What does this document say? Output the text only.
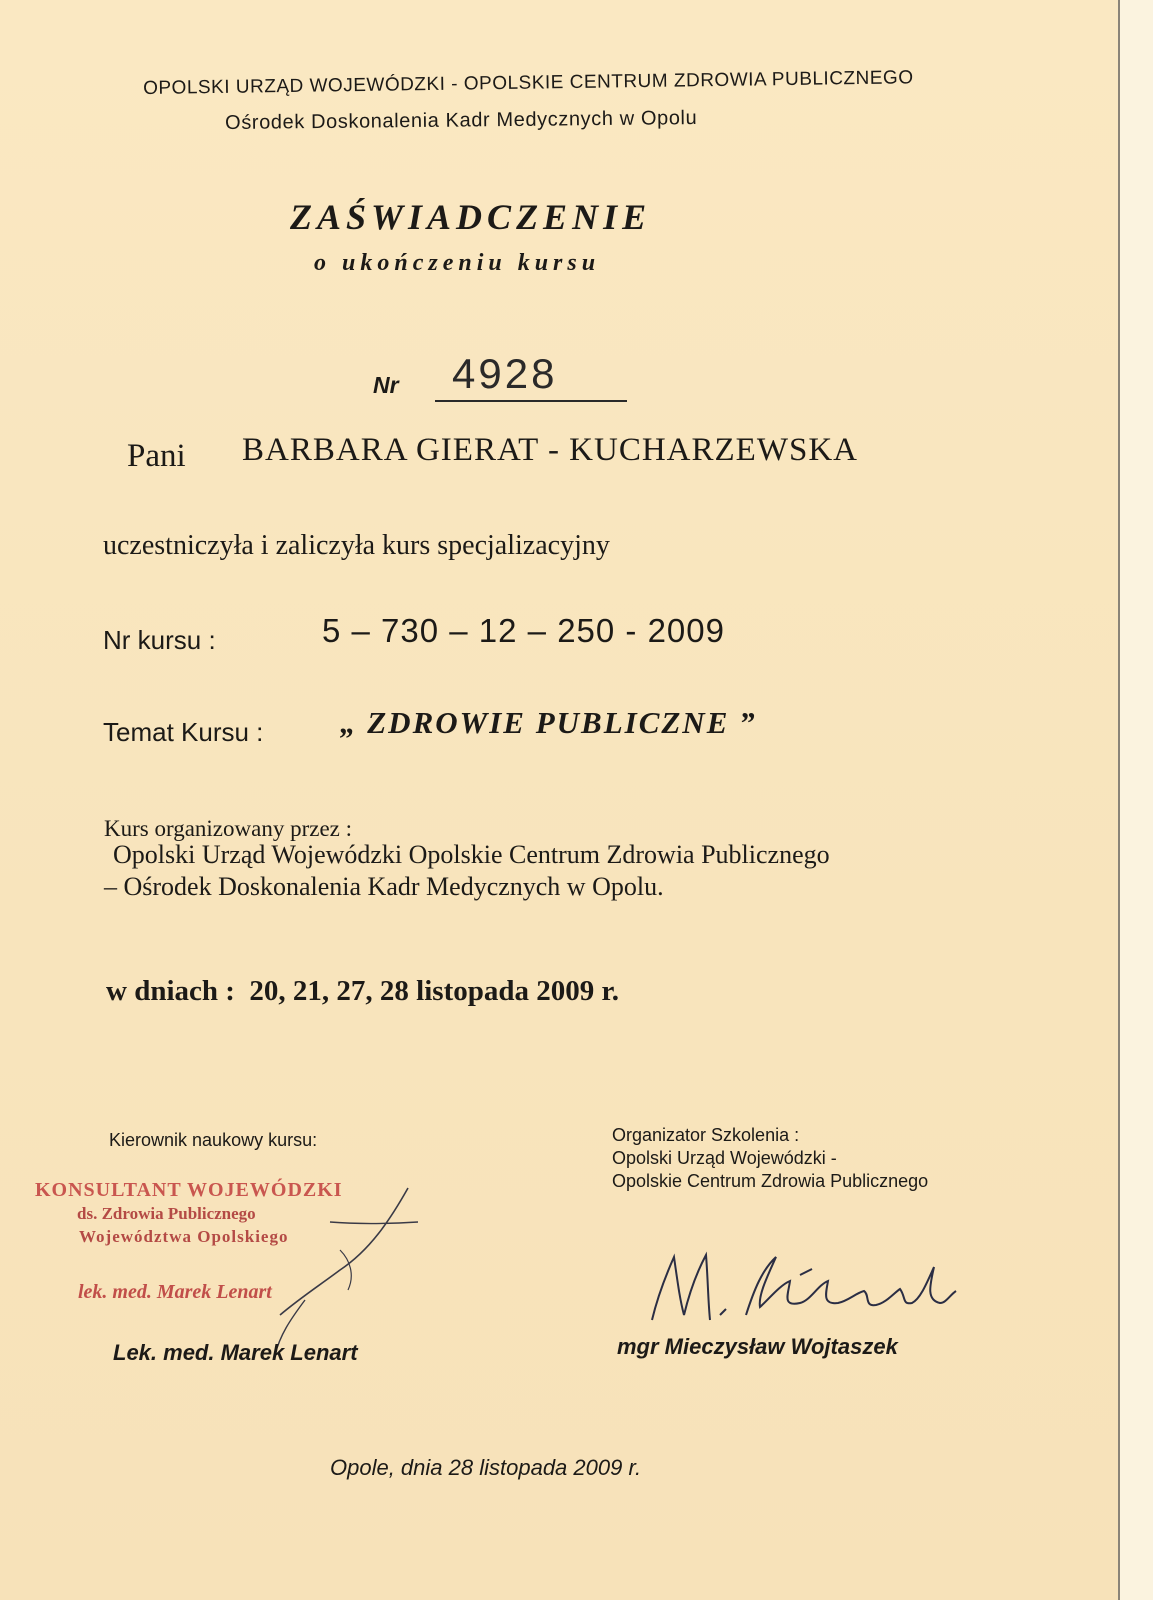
OPOLSKI URZĄD WOJEWÓDZKI - OPOLSKIE CENTRUM ZDROWIA PUBLICZNEGO
Ośrodek Doskonalenia Kadr Medycznych w Opolu
ZAŚWIADCZENIE
o ukończeniu kursu
Nr 4928
Pani BARBARA GIERAT - KUCHARZEWSKA
uczestniczyła i zaliczyła kurs specjalizacyjny
Nr kursu :	5 – 730 – 12 – 250 - 2009
Temat Kursu : „ ZDROWIE PUBLICZNE ”
Kurs organizowany przez :
Opolski Urząd Wojewódzki Opolskie Centrum Zdrowia Publicznego
– Ośrodek Doskonalenia Kadr Medycznych w Opolu.
w dniach : 20, 21, 27, 28 listopada 2009 r.
Kierownik naukowy kursu:	Organizator Szkolenia :
Opolski Urząd Wojewódzki -
Opolskie Centrum Zdrowia Publicznego
KONSULTANT WOJEWÓDZKI
ds. Zdrowia Publicznego
Województwa Opolskiego
lek. med. Marek Lenart
Lek. med. Marek Lenart	mgr Mieczysław Wojtaszek
Opole, dnia 28 listopada 2009 r.
